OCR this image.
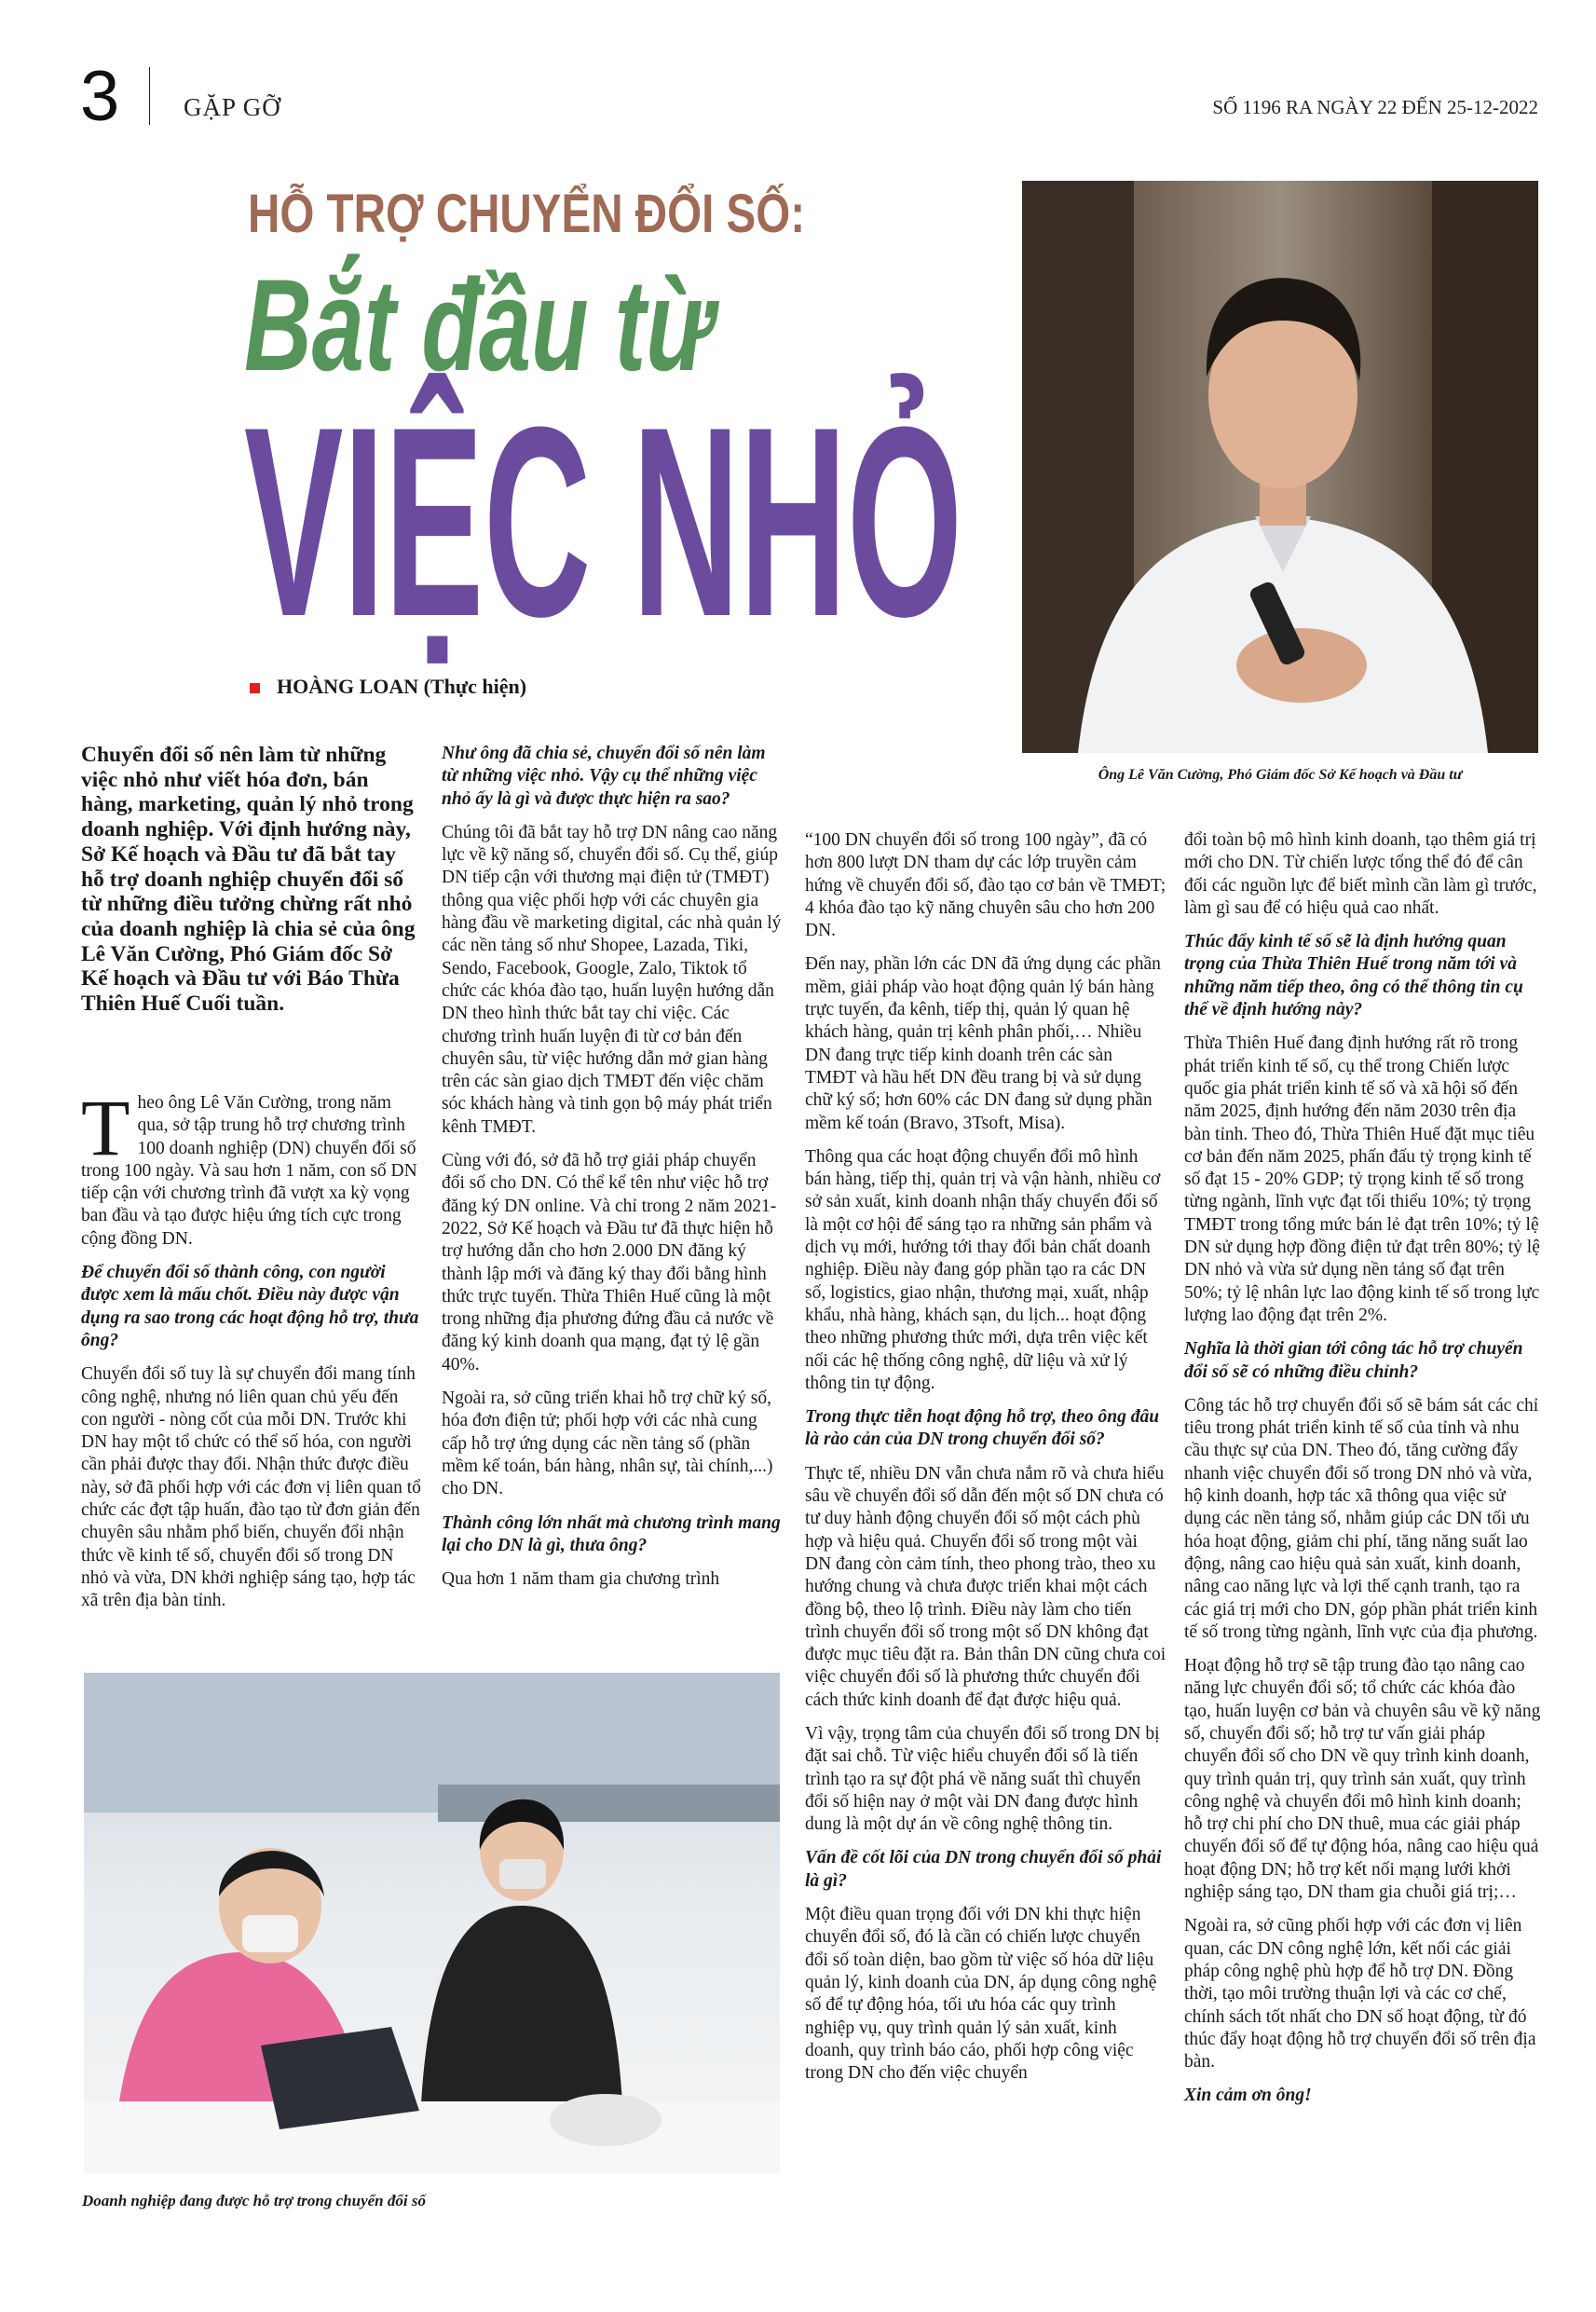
3	GẶP GỠ	SỐ 1196 RA NGÀY 22 ĐẾN 25-12-2022
HỖ TRỢ CHUYỂN ĐỔI SỐ:
Bắt đầu từ
VIỆC NHỎ
HOÀNG LOAN (Thực hiện)
Ông Lê Văn Cường, Phó Giám đốc Sở Kế hoạch và Đầu tư
Chuyển đổi số nên làm từ những việc nhỏ như viết hóa đơn, bán hàng, marketing, quản lý nhỏ trong doanh nghiệp. Với định hướng này, Sở Kế hoạch và Đầu tư đã bắt tay hỗ trợ doanh nghiệp chuyển đổi số từ những điều tưởng chừng rất nhỏ của doanh nghiệp là chia sẻ của ông Lê Văn Cường, Phó Giám đốc Sở Kế hoạch và Đầu tư với Báo Thừa Thiên Huế Cuối tuần.

Theo ông Lê Văn Cường, trong năm qua, sở tập trung hỗ trợ chương trình 100 doanh nghiệp (DN) chuyển đổi số trong 100 ngày. Và sau hơn 1 năm, con số DN tiếp cận với chương trình đã vượt xa kỳ vọng ban đầu và tạo được hiệu ứng tích cực trong cộng đồng DN.

Để chuyển đổi số thành công, con người được xem là mấu chốt. Điều này được vận dụng ra sao trong các hoạt động hỗ trợ, thưa ông?

Chuyển đổi số tuy là sự chuyển đổi mang tính công nghệ, nhưng nó liên quan chủ yếu đến con người - nòng cốt của mỗi DN. Trước khi DN hay một tổ chức có thể số hóa, con người cần phải được thay đổi. Nhận thức được điều này, sở đã phối hợp với các đơn vị liên quan tổ chức các đợt tập huấn, đào tạo từ đơn giản đến chuyên sâu nhằm phổ biến, chuyển đổi nhận thức về kinh tế số, chuyển đổi số trong DN nhỏ và vừa, DN khởi nghiệp sáng tạo, hợp tác xã trên địa bàn tỉnh.

Như ông đã chia sẻ, chuyển đổi số nên làm từ những việc nhỏ. Vậy cụ thể những việc nhỏ ấy là gì và được thực hiện ra sao?

Chúng tôi đã bắt tay hỗ trợ DN nâng cao năng lực về kỹ năng số, chuyển đổi số. Cụ thể, giúp DN tiếp cận với thương mại điện tử (TMĐT) thông qua việc phối hợp với các chuyên gia hàng đầu về marketing digital, các nhà quản lý các nền tảng số như Shopee, Lazada, Tiki, Sendo, Facebook, Google, Zalo, Tiktok tổ chức các khóa đào tạo, huấn luyện hướng dẫn DN theo hình thức bắt tay chỉ việc. Các chương trình huấn luyện đi từ cơ bản đến chuyên sâu, từ việc hướng dẫn mở gian hàng trên các sàn giao dịch TMĐT đến việc chăm sóc khách hàng và tinh gọn bộ máy phát triển kênh TMĐT.

Cùng với đó, sở đã hỗ trợ giải pháp chuyển đổi số cho DN. Có thể kể tên như việc hỗ trợ đăng ký DN online. Và chỉ trong 2 năm 2021-2022, Sở Kế hoạch và Đầu tư đã thực hiện hỗ trợ hướng dẫn cho hơn 2.000 DN đăng ký thành lập mới và đăng ký thay đổi bằng hình thức trực tuyến. Thừa Thiên Huế cũng là một trong những địa phương đứng đầu cả nước về đăng ký kinh doanh qua mạng, đạt tỷ lệ gần 40%.

Ngoài ra, sở cũng triển khai hỗ trợ chữ ký số, hóa đơn điện tử; phối hợp với các nhà cung cấp hỗ trợ ứng dụng các nền tảng số (phần mềm kế toán, bán hàng, nhân sự, tài chính,...) cho DN.

Thành công lớn nhất mà chương trình mang lại cho DN là gì, thưa ông?

Qua hơn 1 năm tham gia chương trình

Doanh nghiệp đang được hỗ trợ trong chuyển đổi số

“100 DN chuyển đổi số trong 100 ngày”, đã có hơn 800 lượt DN tham dự các lớp truyền cảm hứng về chuyển đổi số, đào tạo cơ bản về TMĐT; 4 khóa đào tạo kỹ năng chuyên sâu cho hơn 200 DN.

Đến nay, phần lớn các DN đã ứng dụng các phần mềm, giải pháp vào hoạt động quản lý bán hàng trực tuyến, đa kênh, tiếp thị, quản lý quan hệ khách hàng, quản trị kênh phân phối,… Nhiều DN đang trực tiếp kinh doanh trên các sàn TMĐT và hầu hết DN đều trang bị và sử dụng chữ ký số; hơn 60% các DN đang sử dụng phần mềm kế toán (Bravo, 3Tsoft, Misa).

Thông qua các hoạt động chuyển đổi mô hình bán hàng, tiếp thị, quản trị và vận hành, nhiều cơ sở sản xuất, kinh doanh nhận thấy chuyển đổi số là một cơ hội để sáng tạo ra những sản phẩm và dịch vụ mới, hướng tới thay đổi bản chất doanh nghiệp. Điều này đang góp phần tạo ra các DN số, logistics, giao nhận, thương mại, xuất, nhập khẩu, nhà hàng, khách sạn, du lịch... hoạt động theo những phương thức mới, dựa trên việc kết nối các hệ thống công nghệ, dữ liệu và xử lý thông tin tự động.

Trong thực tiễn hoạt động hỗ trợ, theo ông đâu là rào cản của DN trong chuyển đổi số?

Thực tế, nhiều DN vẫn chưa nắm rõ và chưa hiểu sâu về chuyển đổi số dẫn đến một số DN chưa có tư duy hành động chuyển đổi số một cách phù hợp và hiệu quả. Chuyển đổi số trong một vài DN đang còn cảm tính, theo phong trào, theo xu hướng chung và chưa được triển khai một cách đồng bộ, theo lộ trình. Điều này làm cho tiến trình chuyển đổi số trong một số DN không đạt được mục tiêu đặt ra. Bản thân DN cũng chưa coi việc chuyển đổi số là phương thức chuyển đổi cách thức kinh doanh để đạt được hiệu quả.

Vì vậy, trọng tâm của chuyển đổi số trong DN bị đặt sai chỗ. Từ việc hiểu chuyển đổi số là tiến trình tạo ra sự đột phá về năng suất thì chuyển đổi số hiện nay ở một vài DN đang được hình dung là một dự án về công nghệ thông tin.

Vấn đề cốt lõi của DN trong chuyển đổi số phải là gì?

Một điều quan trọng đối với DN khi thực hiện chuyển đổi số, đó là cần có chiến lược chuyển đổi số toàn diện, bao gồm từ việc số hóa dữ liệu quản lý, kinh doanh của DN, áp dụng công nghệ số để tự động hóa, tối ưu hóa các quy trình nghiệp vụ, quy trình quản lý sản xuất, kinh doanh, quy trình báo cáo, phối hợp công việc trong DN cho đến việc chuyển

đổi toàn bộ mô hình kinh doanh, tạo thêm giá trị mới cho DN. Từ chiến lược tổng thể đó để cân đối các nguồn lực để biết mình cần làm gì trước, làm gì sau để có hiệu quả cao nhất.

Thúc đẩy kinh tế số sẽ là định hướng quan trọng của Thừa Thiên Huế trong năm tới và những năm tiếp theo, ông có thể thông tin cụ thể về định hướng này?

Thừa Thiên Huế đang định hướng rất rõ trong phát triển kinh tế số, cụ thể trong Chiến lược quốc gia phát triển kinh tế số và xã hội số đến năm 2025, định hướng đến năm 2030 trên địa bàn tỉnh. Theo đó, Thừa Thiên Huế đặt mục tiêu cơ bản đến năm 2025, phấn đấu tỷ trọng kinh tế số đạt 15 - 20% GDP; tỷ trọng kinh tế số trong từng ngành, lĩnh vực đạt tối thiểu 10%; tỷ trọng TMĐT trong tổng mức bán lẻ đạt trên 10%; tỷ lệ DN sử dụng hợp đồng điện tử đạt trên 80%; tỷ lệ DN nhỏ và vừa sử dụng nền tảng số đạt trên 50%; tỷ lệ nhân lực lao động kinh tế số trong lực lượng lao động đạt trên 2%.

Nghĩa là thời gian tới công tác hỗ trợ chuyển đổi số sẽ có những điều chỉnh?

Công tác hỗ trợ chuyển đổi số sẽ bám sát các chỉ tiêu trong phát triển kinh tế số của tỉnh và nhu cầu thực sự của DN. Theo đó, tăng cường đẩy nhanh việc chuyển đổi số trong DN nhỏ và vừa, hộ kinh doanh, hợp tác xã thông qua việc sử dụng các nền tảng số, nhằm giúp các DN tối ưu hóa hoạt động, giảm chi phí, tăng năng suất lao động, nâng cao hiệu quả sản xuất, kinh doanh, nâng cao năng lực và lợi thế cạnh tranh, tạo ra các giá trị mới cho DN, góp phần phát triển kinh tế số trong từng ngành, lĩnh vực của địa phương.

Hoạt động hỗ trợ sẽ tập trung đào tạo nâng cao năng lực chuyển đổi số; tổ chức các khóa đào tạo, huấn luyện cơ bản và chuyên sâu về kỹ năng số, chuyển đổi số; hỗ trợ tư vấn giải pháp chuyển đổi số cho DN về quy trình kinh doanh, quy trình quản trị, quy trình sản xuất, quy trình công nghệ và chuyển đổi mô hình kinh doanh; hỗ trợ chi phí cho DN thuê, mua các giải pháp chuyển đổi số để tự động hóa, nâng cao hiệu quả hoạt động DN; hỗ trợ kết nối mạng lưới khởi nghiệp sáng tạo, DN tham gia chuỗi giá trị;…

Ngoài ra, sở cũng phối hợp với các đơn vị liên quan, các DN công nghệ lớn, kết nối các giải pháp công nghệ phù hợp để hỗ trợ DN. Đồng thời, tạo môi trường thuận lợi và các cơ chế, chính sách tốt nhất cho DN số hoạt động, từ đó thúc đẩy hoạt động hỗ trợ chuyển đổi số trên địa bàn.

Xin cảm ơn ông!
